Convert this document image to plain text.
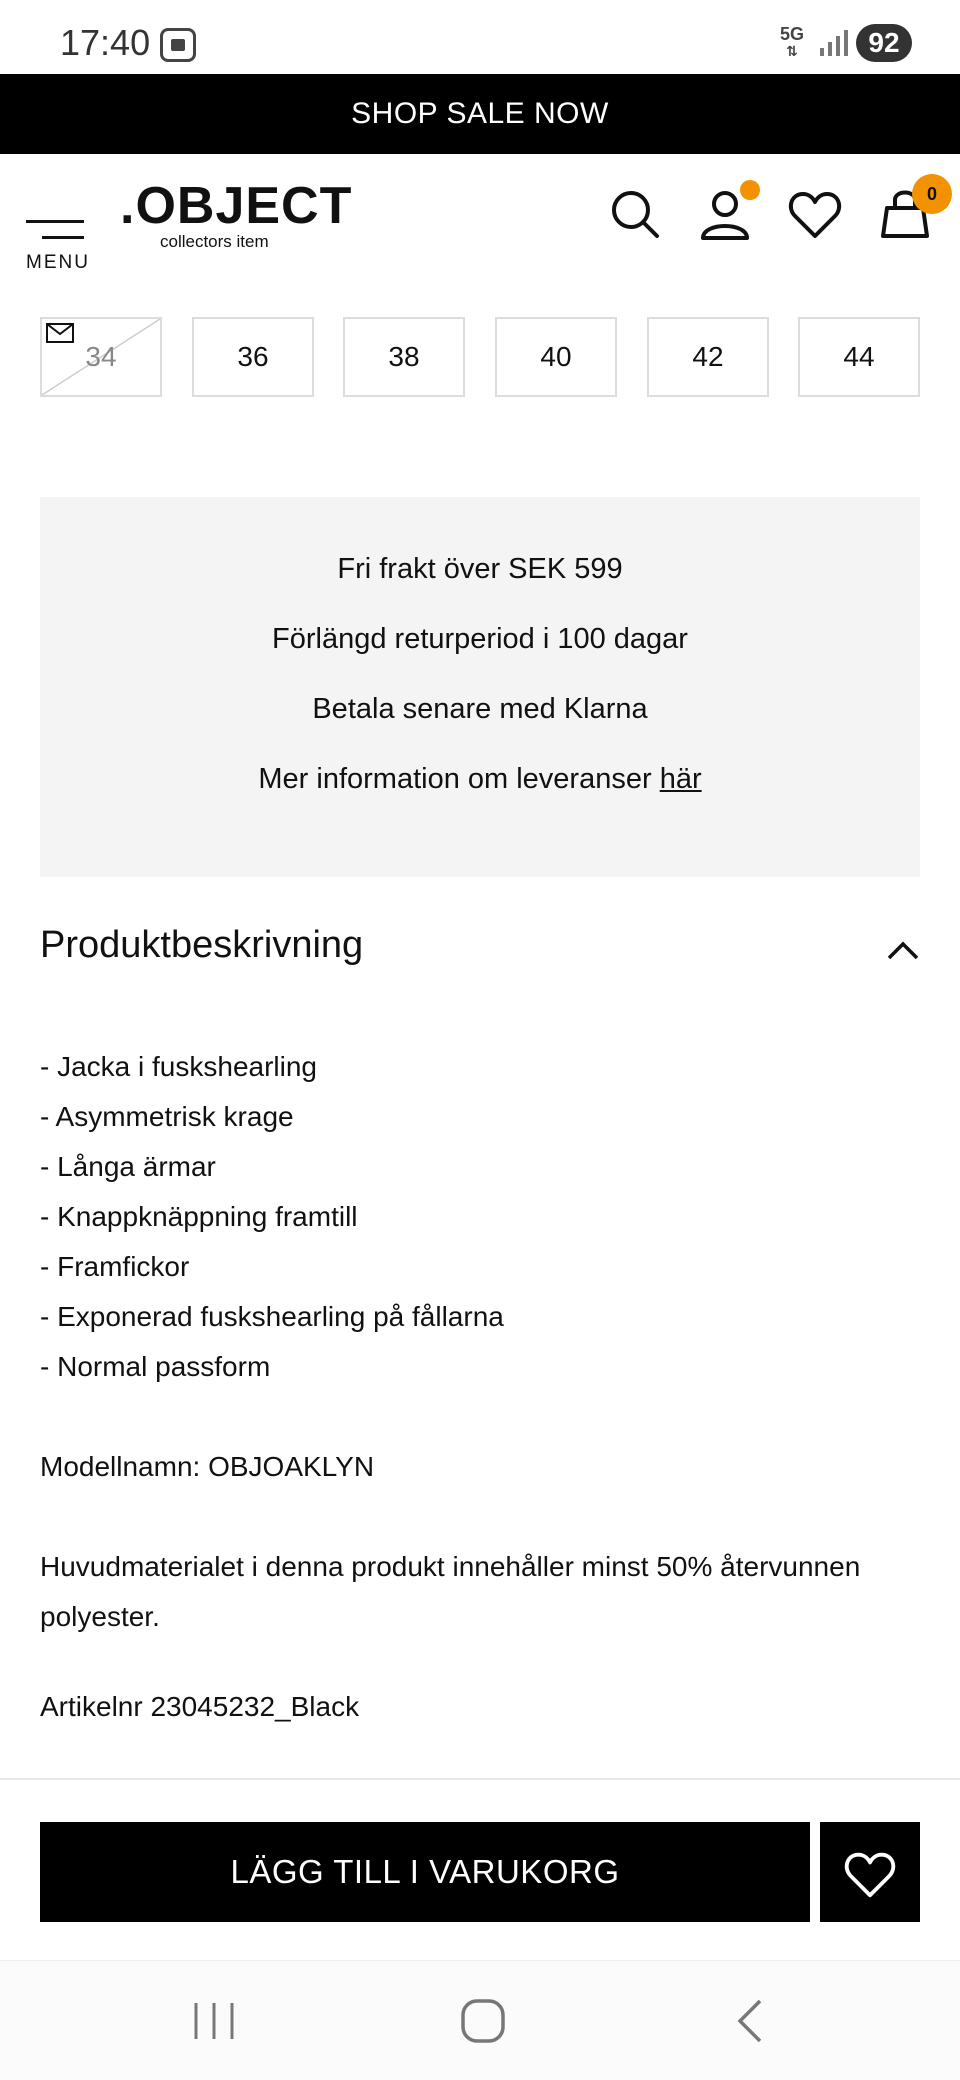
17:40	5G
⇅	92
SHOP SALE NOW
MENU
.OBJECT
collectors item
0
34	36	38	40	42	44
Fri frakt över SEK 599
Förlängd returperiod i 100 dagar
Betala senare med Klarna
Mer information om leveranser här
Produktbeskrivning
- Jacka i fuskshearling
- Asymmetrisk krage
- Långa ärmar
- Knappknäppning framtill
- Framfickor
- Exponerad fuskshearling på fållarna
- Normal passform
Modellnamn: OBJOAKLYN
Huvudmaterialet i denna produkt innehåller minst 50% återvunnen polyester.
Artikelnr 23045232_Black
LÄGG TILL I VARUKORG
